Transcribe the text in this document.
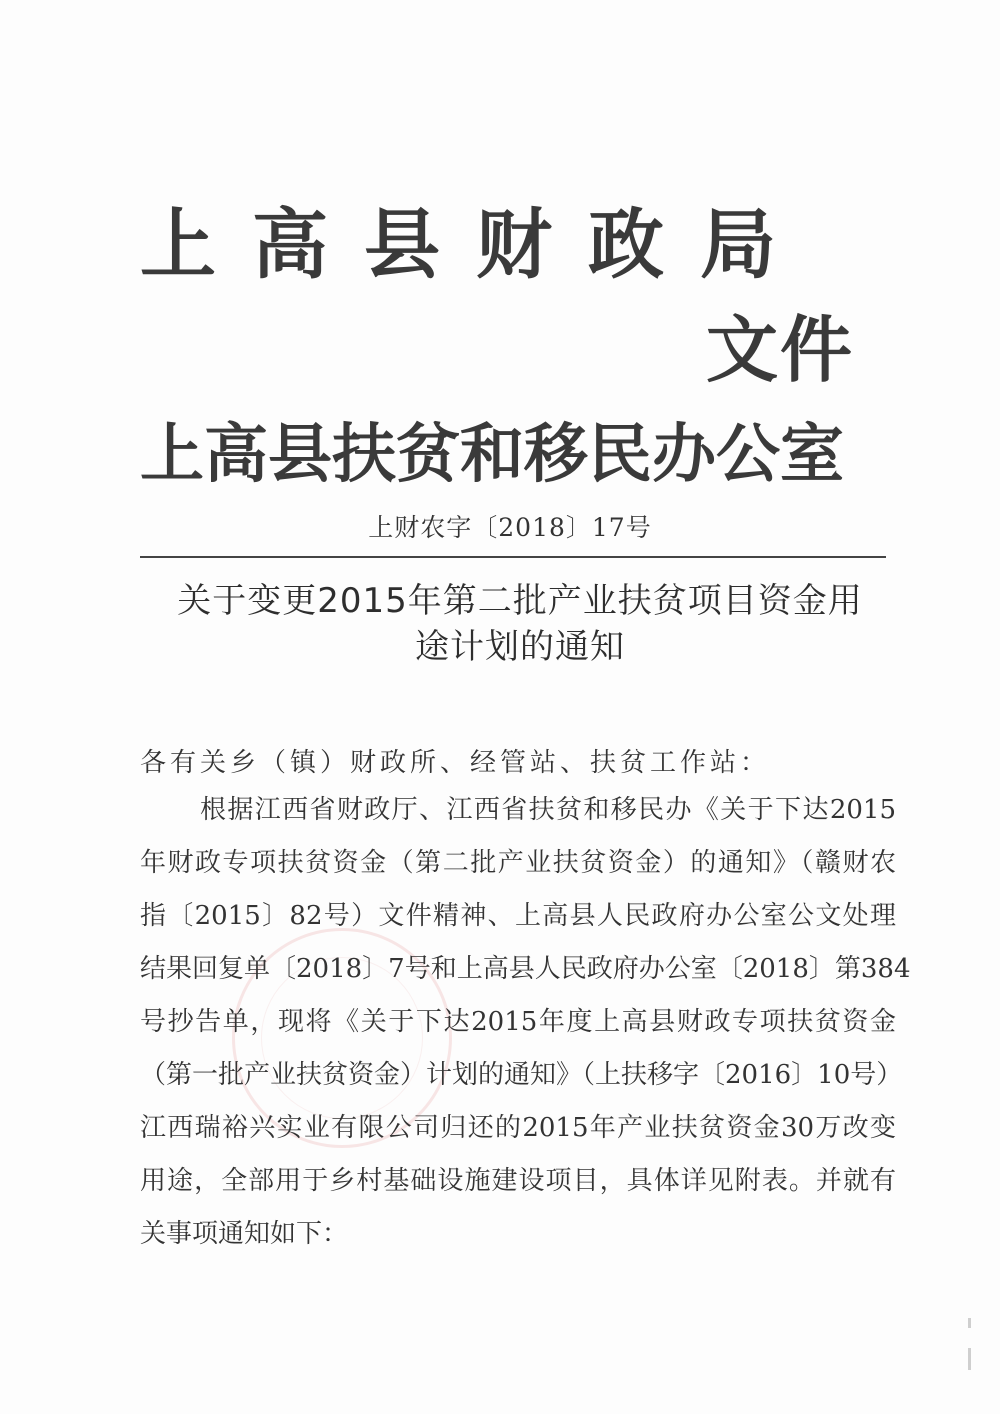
上高县财政局
文件
上高县扶贫和移民办公室
上财农字〔2018〕17号
关于变更2015年第二批产业扶贫项目资金用
途计划的通知
各有关乡（镇）财政所、经管站、扶贫工作站：
根据江西省财政厅、江西省扶贫和移民办《关于下达2015
年财政专项扶贫资金（第二批产业扶贫资金）的通知》（赣财农
指〔2015〕82号）文件精神、上高县人民政府办公室公文处理
结果回复单〔2018〕7号和上高县人民政府办公室〔2018〕第384
号抄告单，现将《关于下达2015年度上高县财政专项扶贫资金
（第一批产业扶贫资金）计划的通知》（上扶移字〔2016〕10号）
江西瑞裕兴实业有限公司归还的2015年产业扶贫资金30万改变
用途，全部用于乡村基础设施建设项目，具体详见附表。并就有
关事项通知如下：
